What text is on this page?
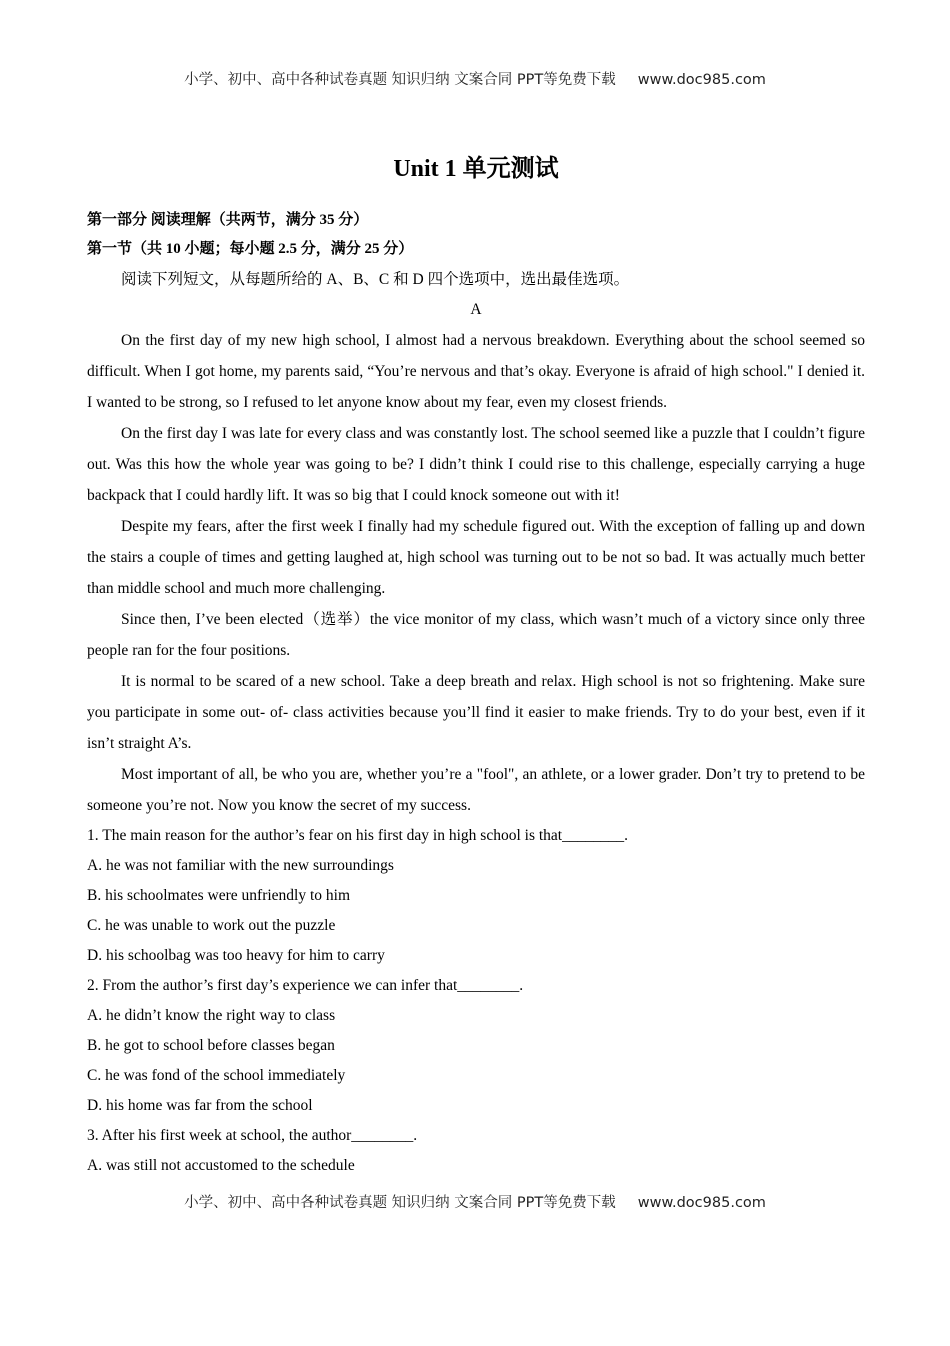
小学、初中、高中各种试卷真题 知识归纳 文案合同 PPT等免费下载 www.doc985.com
Unit 1 单元测试

第一部分 阅读理解（共两节，满分 35 分）

第一节（共 10 小题；每小题 2.5 分，满分 25 分）

阅读下列短文，从每题所给的 A、B、C 和 D 四个选项中，选出最佳选项。

A

On the first day of my new high school, I almost had a nervous breakdown. Everything about the school seemed so difficult. When I got home, my parents said, “You’re nervous and that’s okay. Everyone is afraid of high school." I denied it. I wanted to be strong, so I refused to let anyone know about my fear, even my closest friends.

On the first day I was late for every class and was constantly lost. The school seemed like a puzzle that I couldn’t figure out. Was this how the whole year was going to be? I didn’t think I could rise to this challenge, especially carrying a huge backpack that I could hardly lift. It was so big that I could knock someone out with it!

Despite my fears, after the first week I finally had my schedule figured out. With the exception of falling up and down the stairs a couple of times and getting laughed at, high school was turning out to be not so bad. It was actually much better than middle school and much more challenging.

Since then, I’ve been elected（选举）the vice monitor of my class, which wasn’t much of a victory since only three people ran for the four positions.

It is normal to be scared of a new school. Take a deep breath and relax. High school is not so frightening. Make sure you participate in some out- of- class activities because you’ll find it easier to make friends. Try to do your best, even if it isn’t straight A’s.

Most important of all, be who you are, whether you’re a "fool", an athlete, or a lower grader. Don’t try to pretend to be someone you’re not. Now you know the secret of my success.

1. The main reason for the author’s fear on his first day in high school is that________.

A. he was not familiar with the new surroundings

B. his schoolmates were unfriendly to him

C. he was unable to work out the puzzle

D. his schoolbag was too heavy for him to carry

2. From the author’s first day’s experience we can infer that________.

A. he didn’t know the right way to class

B. he got to school before classes began

C. he was fond of the school immediately

D. his home was far from the school

3. After his first week at school, the author________.

A. was still not accustomed to the schedule

小学、初中、高中各种试卷真题 知识归纳 文案合同 PPT等免费下载 www.doc985.com
